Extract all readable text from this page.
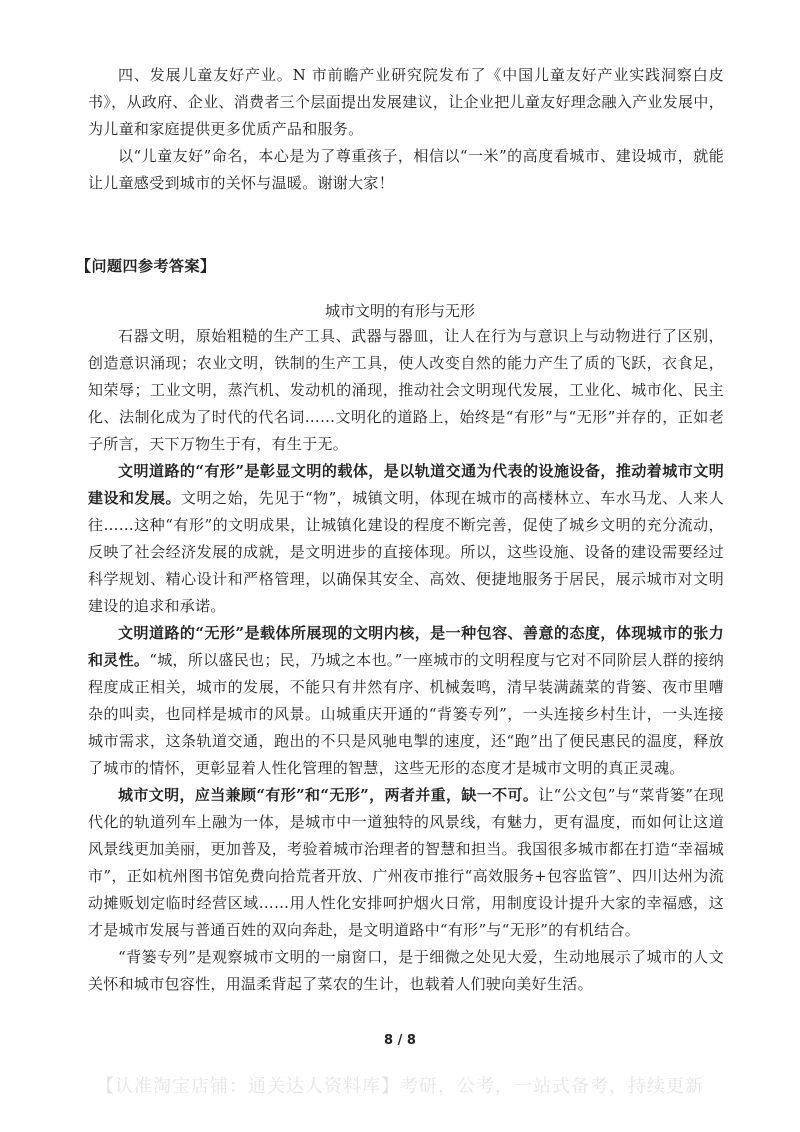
四、发展儿童友好产业。N 市前瞻产业研究院发布了《中国儿童友好产业实践洞察白皮书》，从政府、企业、消费者三个层面提出发展建议，让企业把儿童友好理念融入产业发展中，为儿童和家庭提供更多优质产品和服务。

以“儿童友好”命名，本心是为了尊重孩子，相信以“一米”的高度看城市、建设城市，就能让儿童感受到城市的关怀与温暖。谢谢大家！

【问题四参考答案】

城市文明的有形与无形

石器文明，原始粗糙的生产工具、武器与器皿，让人在行为与意识上与动物进行了区别，创造意识涌现；农业文明，铁制的生产工具，使人改变自然的能力产生了质的飞跃，衣食足，知荣辱；工业文明，蒸汽机、发动机的涌现，推动社会文明现代发展，工业化、城市化、民主化、法制化成为了时代的代名词……文明化的道路上，始终是“有形”与“无形”并存的，正如老子所言，天下万物生于有，有生于无。

文明道路的“有形”是彰显文明的载体，是以轨道交通为代表的设施设备，推动着城市文明建设和发展。文明之始，先见于“物”，城镇文明，体现在城市的高楼林立、车水马龙、人来人往……这种“有形”的文明成果，让城镇化建设的程度不断完善，促使了城乡文明的充分流动，反映了社会经济发展的成就，是文明进步的直接体现。所以，这些设施、设备的建设需要经过科学规划、精心设计和严格管理，以确保其安全、高效、便捷地服务于居民，展示城市对文明建设的追求和承诺。

文明道路的“无形”是载体所展现的文明内核，是一种包容、善意的态度，体现城市的张力和灵性。“城，所以盛民也；民，乃城之本也。”一座城市的文明程度与它对不同阶层人群的接纳程度成正相关，城市的发展，不能只有井然有序、机械轰鸣，清早装满蔬菜的背篓、夜市里嘈杂的叫卖，也同样是城市的风景。山城重庆开通的“背篓专列”，一头连接乡村生计，一头连接城市需求，这条轨道交通，跑出的不只是风驰电掣的速度，还“跑”出了便民惠民的温度，释放了城市的情怀，更彰显着人性化管理的智慧，这些无形的态度才是城市文明的真正灵魂。

城市文明，应当兼顾“有形”和“无形”，两者并重，缺一不可。让“公文包”与“菜背篓”在现代化的轨道列车上融为一体，是城市中一道独特的风景线，有魅力，更有温度，而如何让这道风景线更加美丽，更加普及，考验着城市治理者的智慧和担当。我国很多城市都在打造“幸福城市”，正如杭州图书馆免费向拾荒者开放、广州夜市推行“高效服务+包容监管”、四川达州为流动摊贩划定临时经营区域……用人性化安排呵护烟火日常，用制度设计提升大家的幸福感，这才是城市发展与普通百姓的双向奔赴，是文明道路中“有形”与“无形”的有机结合。

“背篓专列”是观察城市文明的一扇窗口，是于细微之处见大爱，生动地展示了城市的人文关怀和城市包容性，用温柔背起了菜农的生计，也载着人们驶向美好生活。

8 / 8
【认准淘宝店铺：通关达人资料库】考研，公考，一站式备考，持续更新
